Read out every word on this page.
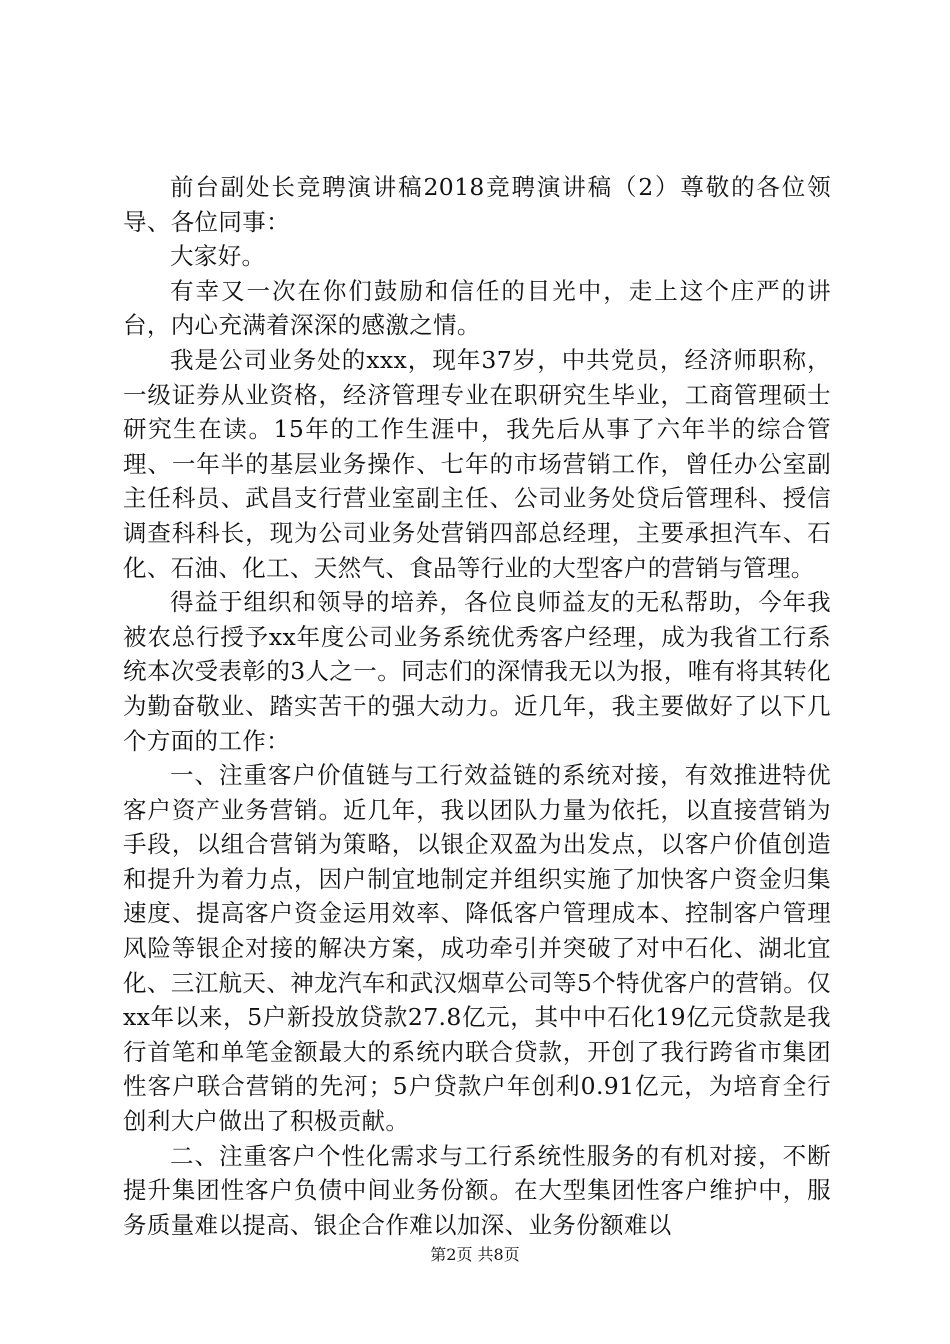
前台副处长竞聘演讲稿2018竞聘演讲稿（2）尊敬的各位领导、各位同事：

大家好。

有幸又一次在你们鼓励和信任的目光中，走上这个庄严的讲台，内心充满着深深的感激之情。

我是公司业务处的xxx，现年37岁，中共党员，经济师职称，一级证券从业资格，经济管理专业在职研究生毕业，工商管理硕士研究生在读。15年的工作生涯中，我先后从事了六年半的综合管理、一年半的基层业务操作、七年的市场营销工作，曾任办公室副主任科员、武昌支行营业室副主任、公司业务处贷后管理科、授信调查科科长，现为公司业务处营销四部总经理，主要承担汽车、石化、石油、化工、天然气、食品等行业的大型客户的营销与管理。

得益于组织和领导的培养，各位良师益友的无私帮助，今年我被农总行授予xx年度公司业务系统优秀客户经理，成为我省工行系统本次受表彰的3人之一。同志们的深情我无以为报，唯有将其转化为勤奋敬业、踏实苦干的强大动力。近几年，我主要做好了以下几个方面的工作：

一、注重客户价值链与工行效益链的系统对接，有效推进特优客户资产业务营销。近几年，我以团队力量为依托，以直接营销为手段，以组合营销为策略，以银企双盈为出发点，以客户价值创造和提升为着力点，因户制宜地制定并组织实施了加快客户资金归集速度、提高客户资金运用效率、降低客户管理成本、控制客户管理风险等银企对接的解决方案，成功牵引并突破了对中石化、湖北宜化、三江航天、神龙汽车和武汉烟草公司等5个特优客户的营销。仅xx年以来，5户新投放贷款27.8亿元，其中中石化19亿元贷款是我行首笔和单笔金额最大的系统内联合贷款，开创了我行跨省市集团性客户联合营销的先河；5户贷款户年创利0.91亿元，为培育全行创利大户做出了积极贡献。

二、注重客户个性化需求与工行系统性服务的有机对接，不断提升集团性客户负债中间业务份额。在大型集团性客户维护中，服务质量难以提高、银企合作难以加深、业务份额难以

第2页 共8页
